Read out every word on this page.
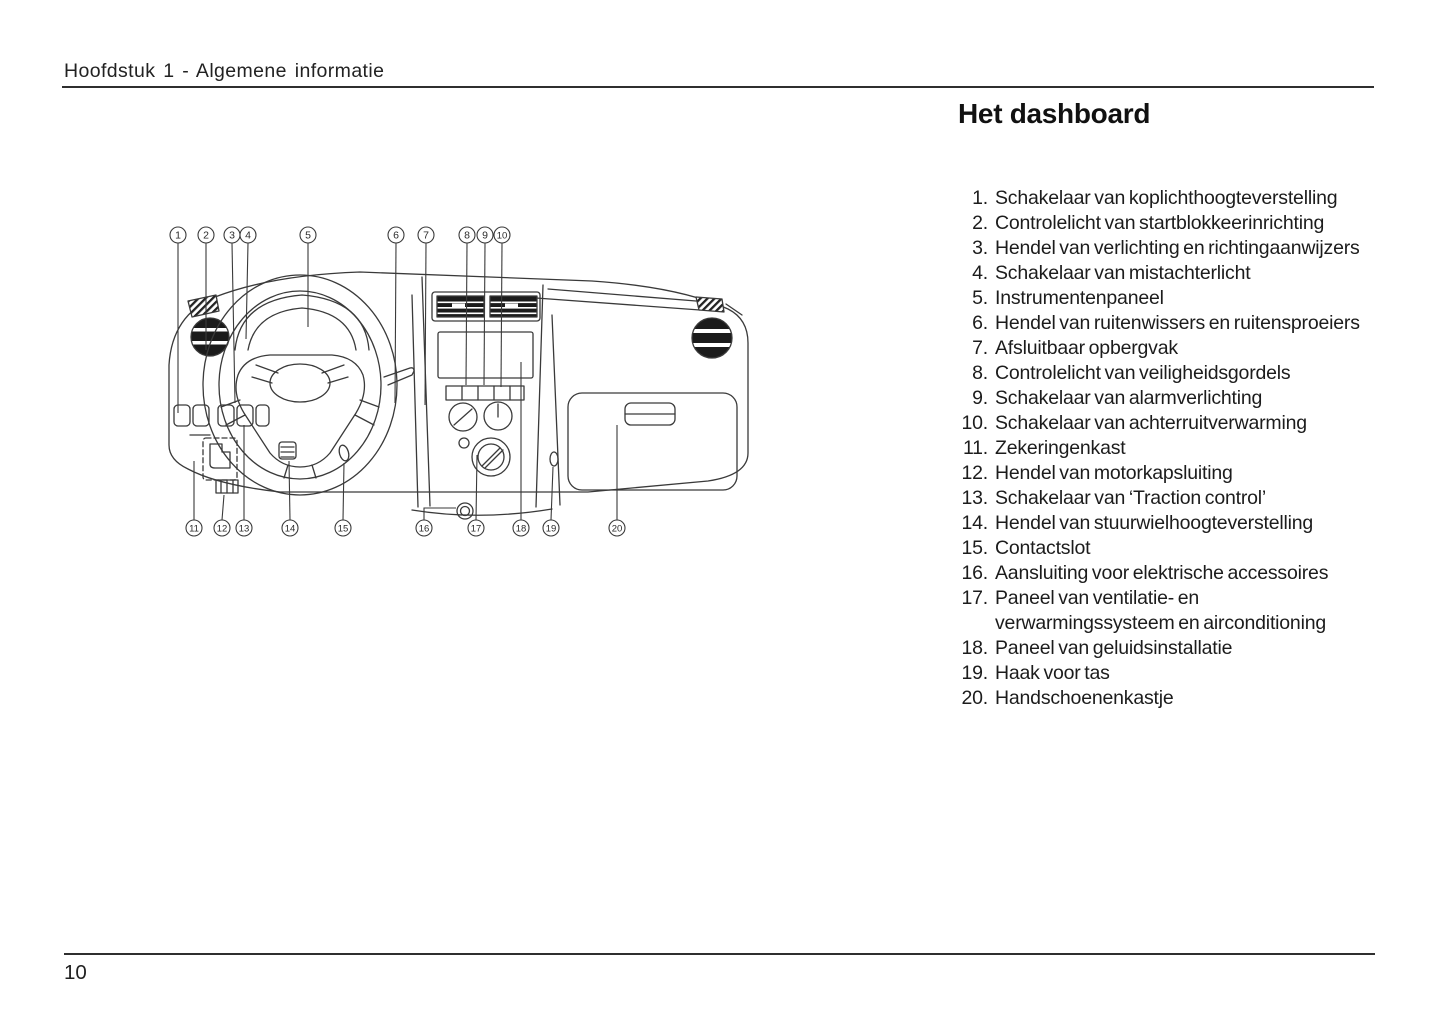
Hoofdstuk 1 - Algemene informatie
Het dashboard
1 2 3 4	5	6 7	8 9 10
11 12 13	14	15	16	17	18 19	20
1. Schakelaar van koplichthoogteverstelling
2. Controlelicht van startblokkeerinrichting
3. Hendel van verlichting en richtingaanwijzers
4. Schakelaar van mistachterlicht
5. Instrumentenpaneel
6. Hendel van ruitenwissers en ruitensproeiers
7. Afsluitbaar opbergvak
8. Controlelicht van veiligheidsgordels
9. Schakelaar van alarmverlichting
10. Schakelaar van achterruitverwarming
11. Zekeringenkast
12. Hendel van motorkapsluiting
13. Schakelaar van ‘Traction control’
14. Hendel van stuurwielhoogteverstelling
15. Contactslot
16. Aansluiting voor elektrische accessoires
17. Paneel van ventilatie- en
verwarmingssysteem en airconditioning
18. Paneel van geluidsinstallatie
19. Haak voor tas
20. Handschoenenkastje
10
